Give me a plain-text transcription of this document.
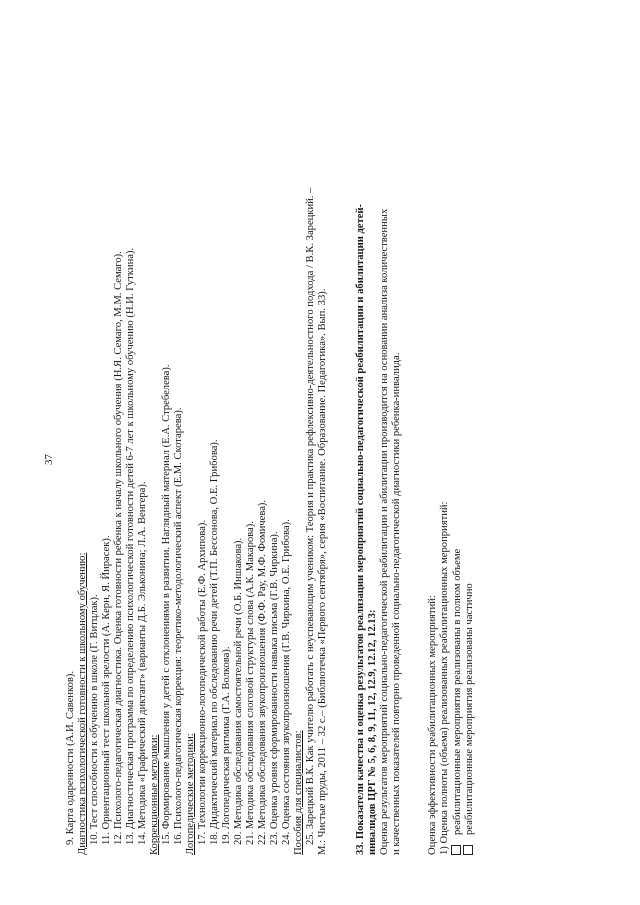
37
9. Карта одаренности (А.И. Савенков). Диагностика психологической готовности к школьному обучению: 10. Тест способности к обучению в школе (Г. Витцлак). 11. Ориентационный тест школьной зрелости (А. Керн, Я. Йирасек). 12. Психолого-педагогическая диагностика. Оценка готовности ребенка к началу школьного обучения (Н.Я. Семаго, М.М. Семаго). 13. Диагностическая программа по определению психологической готовности детей 6-7 лет к школьному обучению (Н.И. Гуткина). 14. Методика «Графический диктант» (варианты Д.Б. Эльконина; Л.А. Венгера). Коррекционные методики: 15. Формирование мышления у детей с отклонениями в развитии. Наглядный материал (Е.А. Стребелева). 16. Психолого-педагогическая коррекция: теоретико-методологический аспект (Е.М. Скотарева). Логопедические методики: 17. Технологии коррекционно-логопедической работы (Е.Ф. Архипова). 18. Дидактический материал по обследованию речи детей (Т.П. Бессонова, О.Е. Грибова). 19. Логопедическая ритмика (Г.А. Волкова). 20. Методика обследования самостоятельной речи (О.Б. Иншакова). 21. Методика обследования слоговой структуры слова (А.К. Макарова). 22. Методика обследования звукопроизношения (Ф.Ф. Рау, М.Ф. Фомичева). 23. Оценка уровня сформированности навыка письма (Г.В. Чиркина). 24. Оценка состояния звукопроизношения (Г.В. Чиркина, О.Е. Грибова). Пособия для специалистов: 25. Зарецкий В.К. Как учителю работать с неуспевающим учеником: Теория и практика рефлексивно-деятельностного подхода / В.К. Зарецкий. – М.: Чистые пруды, 2011 – 32 с.– (Библиотечка «Первого сентября», серия «Воспитание. Образование. Педагогика». Вып. 33).	33. Показатели качества и оценка результатов реализации мероприятий социально-педагогической реабилитации и абилитации детей- инвалидов ЦРГ № 5, 6, 8, 9, 11, 12, 12.9, 12.12, 12.13: Оценка результатов мероприятий социально-педагогической реабилитации и абилитации производится на основании анализа количественных и качественных показателей повторно проведенной социально-педагогической диагностики ребенка-инвалида. Оценка эффективности реабилитационных мероприятий: 1) Оценка полноты (объема) реализованных реабилитационных мероприятий: реабилитационные мероприятия реализованы в полном объеме реабилитационные мероприятия реализованы частично
